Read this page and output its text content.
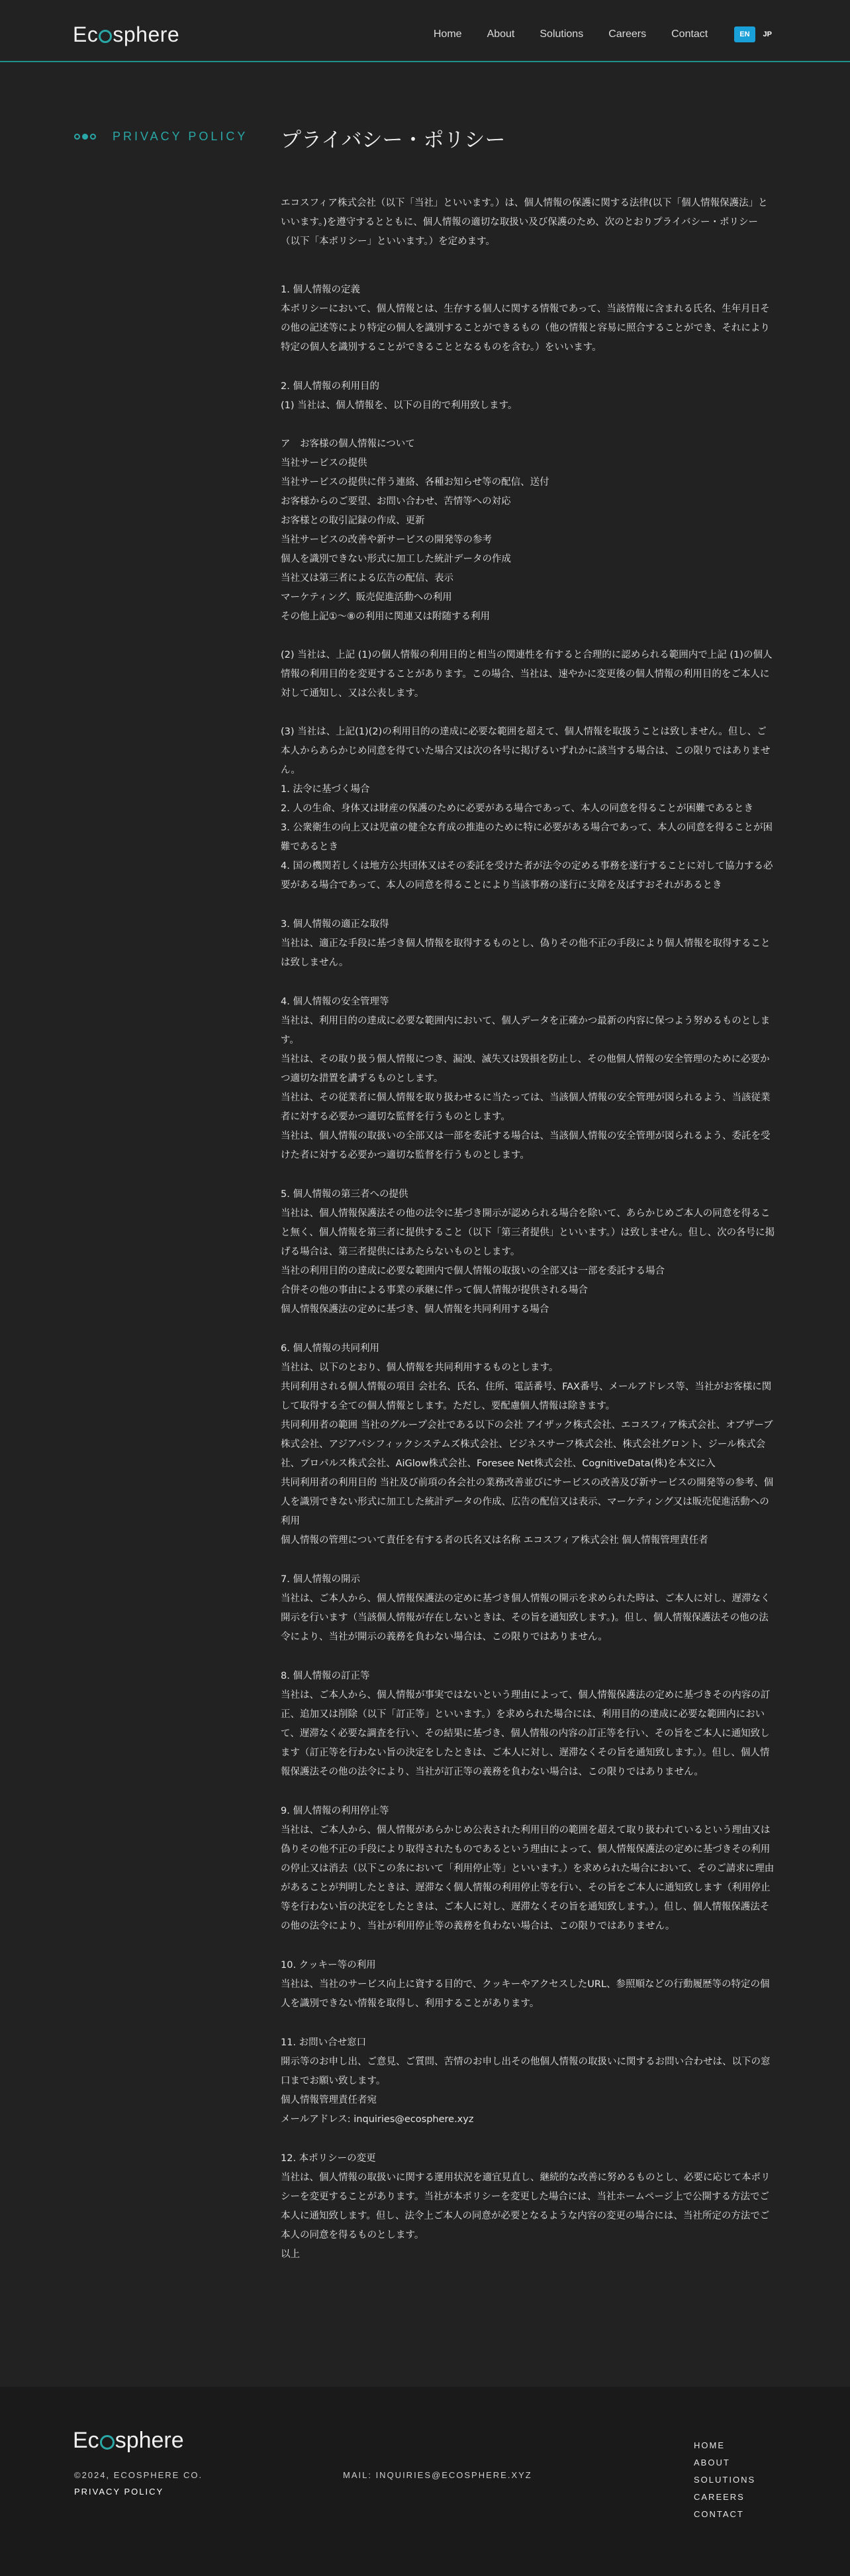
Ec sphere	Home About Solutions Careers Contact	EN	JP
PRIVACY POLICY プライバシー・ポリシー

エコスフィア株式会社（以下「当社」といいます。）は、個人情報の保護に関する法律(以下「個人情報保護法」といいます。)を遵守するとともに、個人情報の適切な取扱い及び保護のため、次のとおりプライバシー・ポリシー（以下「本ポリシー」といいます。）を定めます。

1. 個人情報の定義

本ポリシーにおいて、個人情報とは、生存する個人に関する情報であって、当該情報に含まれる氏名、生年月日その他の記述等により特定の個人を識別することができるもの（他の情報と容易に照合することができ、それにより特定の個人を識別することができることとなるものを含む。）をいいます。

2. 個人情報の利用目的

(1) 当社は、個人情報を、以下の目的で利用致します。

ア　お客様の個人情報について
当社サービスの提供
当社サービスの提供に伴う連絡、各種お知らせ等の配信、送付
お客様からのご要望、お問い合わせ、苦情等への対応
お客様との取引記録の作成、更新
当社サービスの改善や新サービスの開発等の参考
個人を識別できない形式に加工した統計データの作成
当社又は第三者による広告の配信、表示
マーケティング、販売促進活動への利用
その他上記①〜⑧の利用に関連又は附随する利用

(2) 当社は、上記 (1)の個人情報の利用目的と相当の関連性を有すると合理的に認められる範囲内で上記 (1)の個人情報の利用目的を変更することがあります。この場合、当社は、速やかに変更後の個人情報の利用目的をご本人に対して通知し、又は公表します。

(3) 当社は、上記(1)(2)の利用目的の達成に必要な範囲を超えて、個人情報を取扱うことは致しません。但し、ご本人からあらかじめ同意を得ていた場合又は次の各号に掲げるいずれかに該当する場合は、この限りではありません。
1. 法令に基づく場合
2. 人の生命、身体又は財産の保護のために必要がある場合であって、本人の同意を得ることが困難であるとき
3. 公衆衛生の向上又は児童の健全な育成の推進のために特に必要がある場合であって、本人の同意を得ることが困難であるとき
4. 国の機関若しくは地方公共団体又はその委託を受けた者が法令の定める事務を遂行することに対して協力する必要がある場合であって、本人の同意を得ることにより当該事務の遂行に支障を及ぼすおそれがあるとき

3. 個人情報の適正な取得

当社は、適正な手段に基づき個人情報を取得するものとし、偽りその他不正の手段により個人情報を取得することは致しません。

4. 個人情報の安全管理等

当社は、利用目的の達成に必要な範囲内において、個人データを正確かつ最新の内容に保つよう努めるものとします。
当社は、その取り扱う個人情報につき、漏洩、滅失又は毀損を防止し、その他個人情報の安全管理のために必要かつ適切な措置を講ずるものとします。
当社は、その従業者に個人情報を取り扱わせるに当たっては、当該個人情報の安全管理が図られるよう、当該従業者に対する必要かつ適切な監督を行うものとします。
当社は、個人情報の取扱いの全部又は一部を委託する場合は、当該個人情報の安全管理が図られるよう、委託を受けた者に対する必要かつ適切な監督を行うものとします。

5. 個人情報の第三者への提供

当社は、個人情報保護法その他の法令に基づき開示が認められる場合を除いて、あらかじめご本人の同意を得ること無く、個人情報を第三者に提供すること（以下「第三者提供」といいます。）は致しません。但し、次の各号に掲げる場合は、第三者提供にはあたらないものとします。
当社の利用目的の達成に必要な範囲内で個人情報の取扱いの全部又は一部を委託する場合
合併その他の事由による事業の承継に伴って個人情報が提供される場合
個人情報保護法の定めに基づき、個人情報を共同利用する場合

6. 個人情報の共同利用

当社は、以下のとおり、個人情報を共同利用するものとします。
共同利用される個人情報の項目 会社名、氏名、住所、電話番号、FAX番号、メールアドレス等、当社がお客様に関して取得する全ての個人情報とします。ただし、要配慮個人情報は除きます。
共同利用者の範囲 当社のグループ会社である以下の会社 アイザック株式会社、エコスフィア株式会社、オブザーブ株式会社、アジアパシフィックシステムズ株式会社、ビジネスサーフ株式会社、株式会社グロント、ジール株式会社、プロパルス株式会社、AiGlow株式会社、Foresee Net株式会社、CognitiveData(株)を本文に入
共同利用者の利用目的 当社及び前項の各会社の業務改善並びにサービスの改善及び新サービスの開発等の参考、個人を識別できない形式に加工した統計データの作成、広告の配信又は表示、マーケティング又は販売促進活動への利用
個人情報の管理について責任を有する者の氏名又は名称 エコスフィア株式会社 個人情報管理責任者

7. 個人情報の開示

当社は、ご本人から、個人情報保護法の定めに基づき個人情報の開示を求められた時は、ご本人に対し、遅滞なく開示を行います（当該個人情報が存在しないときは、その旨を通知致します。)。但し、個人情報保護法その他の法令により、当社が開示の義務を負わない場合は、この限りではありません。

8. 個人情報の訂正等

当社は、ご本人から、個人情報が事実ではないという理由によって、個人情報保護法の定めに基づきその内容の訂正、追加又は削除（以下「訂正等」といいます。）を求められた場合には、利用目的の達成に必要な範囲内において、遅滞なく必要な調査を行い、その結果に基づき、個人情報の内容の訂正等を行い、その旨をご本人に通知致します（訂正等を行わない旨の決定をしたときは、ご本人に対し、遅滞なくその旨を通知致します。）。但し、個人情報保護法その他の法令により、当社が訂正等の義務を負わない場合は、この限りではありません。

9. 個人情報の利用停止等

当社は、ご本人から、個人情報があらかじめ公表された利用目的の範囲を超えて取り扱われているという理由又は偽りその他不正の手段により取得されたものであるという理由によって、個人情報保護法の定めに基づきその利用の停止又は消去（以下この条において「利用停止等」といいます。）を求められた場合において、そのご請求に理由があることが判明したときは、遅滞なく個人情報の利用停止等を行い、その旨をご本人に通知致します（利用停止等を行わない旨の決定をしたときは、ご本人に対し、遅滞なくその旨を通知致します。）。但し、個人情報保護法その他の法令により、当社が利用停止等の義務を負わない場合は、この限りではありません。

10. クッキー等の利用

当社は、当社のサービス向上に資する目的で、クッキーやアクセスしたURL、参照順などの行動履歴等の特定の個人を識別できない情報を取得し、利用することがあります。

11. お問い合せ窓口

開示等のお申し出、ご意見、ご質問、苦情のお申し出その他個人情報の取扱いに関するお問い合わせは、以下の窓口までお願い致します。
個人情報管理責任者宛
メールアドレス: inquiries@ecosphere.xyz

12. 本ポリシーの変更

当社は、個人情報の取扱いに関する運用状況を適宜見直し、継続的な改善に努めるものとし、必要に応じて本ポリシーを変更することがあります。当社が本ポリシーを変更した場合には、当社ホームページ上で公開する方法でご本人に通知致します。但し、法令上ご本人の同意が必要となるような内容の変更の場合には、当社所定の方法でご本人の同意を得るものとします。
以上

Ec sphere
©2024, ECOSPHERE CO.
PRIVACY POLICY
MAIL: INQUIRIES@ECOSPHERE.XYZ
HOME
ABOUT
SOLUTIONS
CAREERS
CONTACT
